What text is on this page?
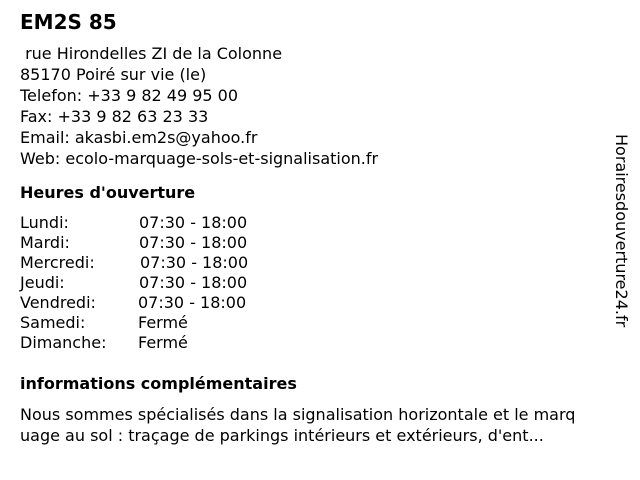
EM2S 85
rue Hirondelles ZI de la Colonne
85170 Poiré sur vie (le)
Telefon: +33 9 82 49 95 00
Fax: +33 9 82 63 23 33
Email: akasbi.em2s@yahoo.fr
Web: ecolo-marquage-sols-et-signalisation.fr
Heures d'ouverture
Lundi:	07:30 - 18:00
Mardi:	07:30 - 18:00
Mercredi:	07:30 - 18:00
Jeudi:	07:30 - 18:00
Vendredi:	07:30 - 18:00
Samedi:	Fermé
Dimanche: Fermé
informations complémentaires
Nous sommes spécialisés dans la signalisation horizontale et le marq
uage au sol : traçage de parkings intérieurs et extérieurs, d'ent...
Horairesdouverture24.fr
